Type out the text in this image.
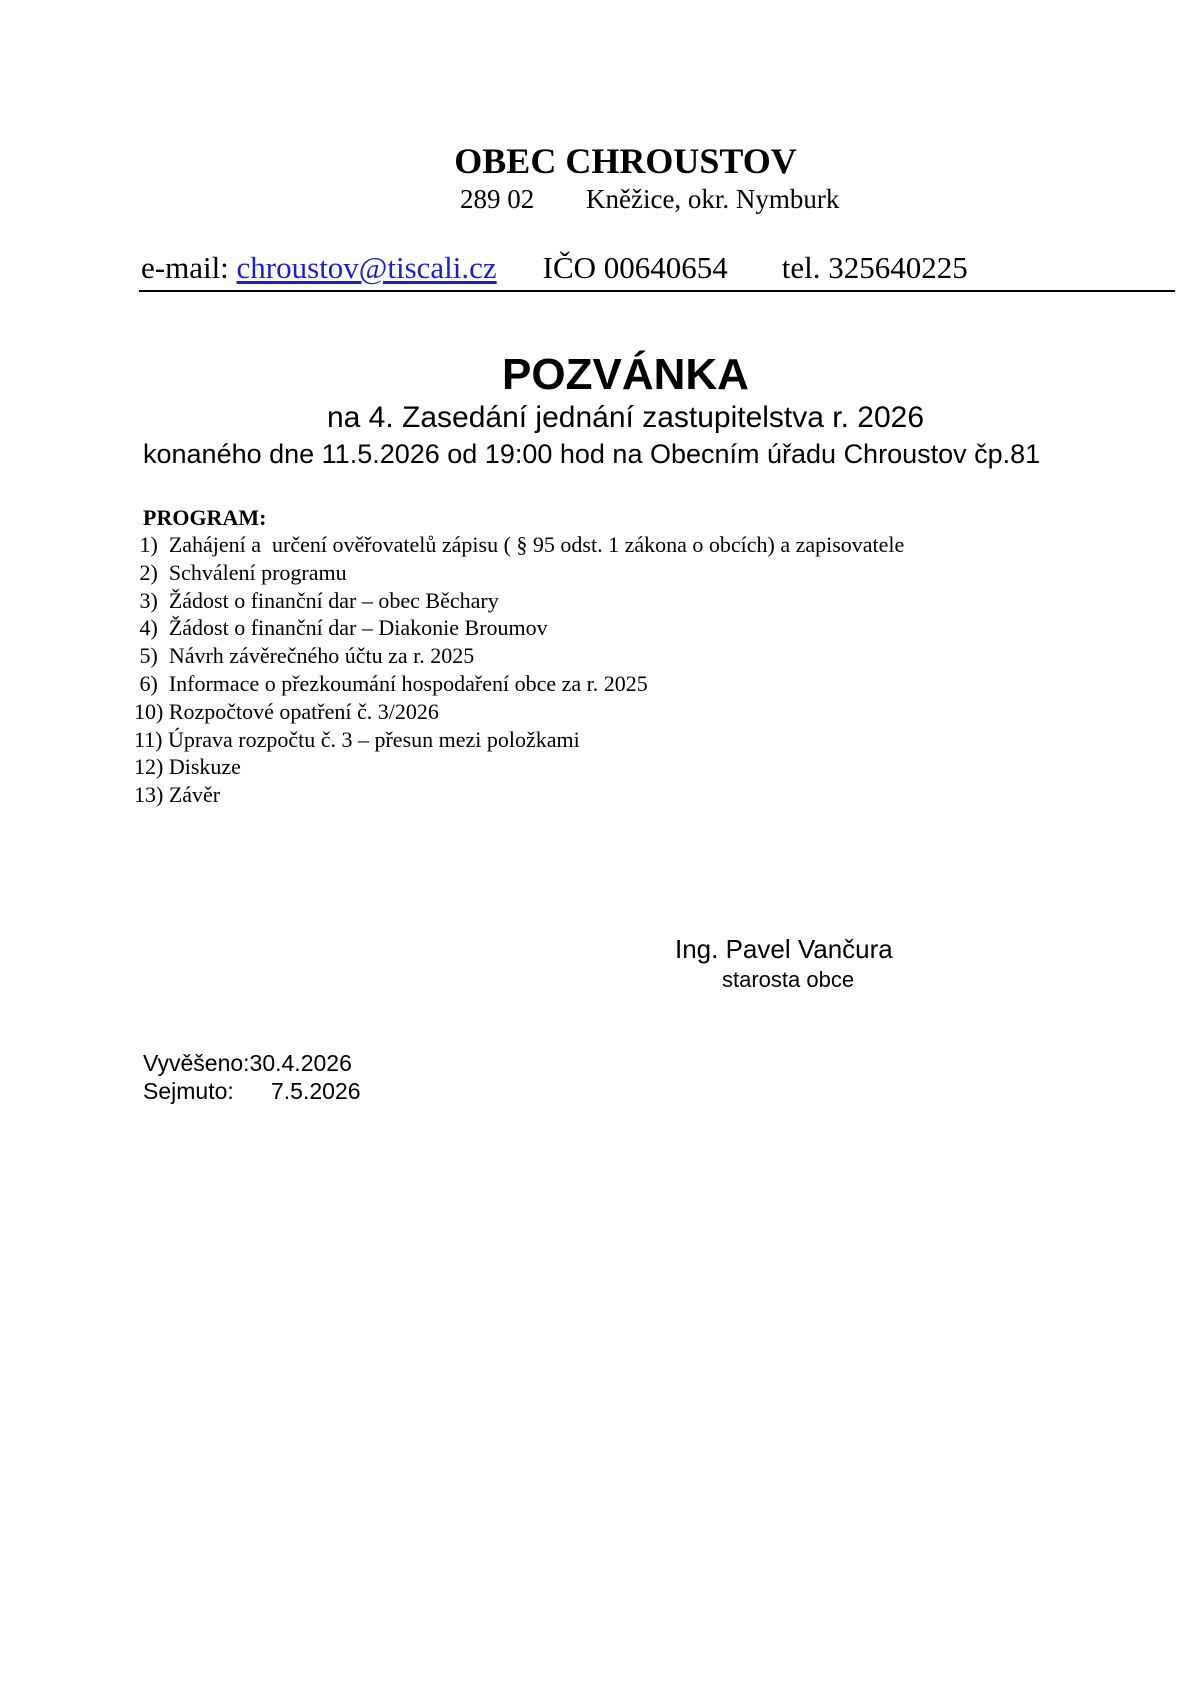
OBEC CHROUSTOV
289 02 Kněžice, okr. Nymburk
e-mail: chroustov@tiscali.cz IČO 00640654 tel. 325640225
POZVÁNKA
na 4. Zasedání jednání zastupitelstva r. 2026
konaného dne 11.5.2026 od 19:00 hod na Obecním úřadu Chroustov čp.81
PROGRAM:
1)  Zahájení a  určení ověřovatelů zápisu ( § 95 odst. 1 zákona o obcích) a zapisovatele
2)  Schválení programu
3)  Žádost o finanční dar – obec Běchary
4)  Žádost o finanční dar – Diakonie Broumov
5)  Návrh závěrečného účtu za r. 2025
6)  Informace o přezkoumání hospodaření obce za r. 2025
10) Rozpočtové opatření č. 3/2026
11) Úprava rozpočtu č. 3 – přesun mezi položkami
12) Diskuze
13) Závěr
Ing. Pavel Vančura
starosta obce
Vyvěšeno:30.4.2026
Sejmuto: 7.5.2026
